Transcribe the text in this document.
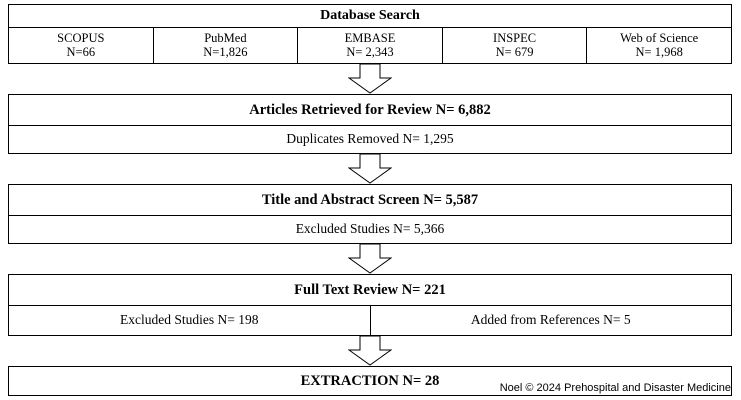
Database Search
SCOPUS
N=66
PubMed
N=1,826
EMBASE
N= 2,343
INSPEC
N= 679
Web of Science
N= 1,968
Articles Retrieved for Review N= 6,882
Duplicates Removed N= 1,295
Title and Abstract Screen N= 5,587
Excluded Studies N= 5,366
Full Text Review N= 221
Excluded Studies N= 198	Added from References N= 5
EXTRACTION N= 28	Noel © 2024 Prehospital and Disaster Medicine
